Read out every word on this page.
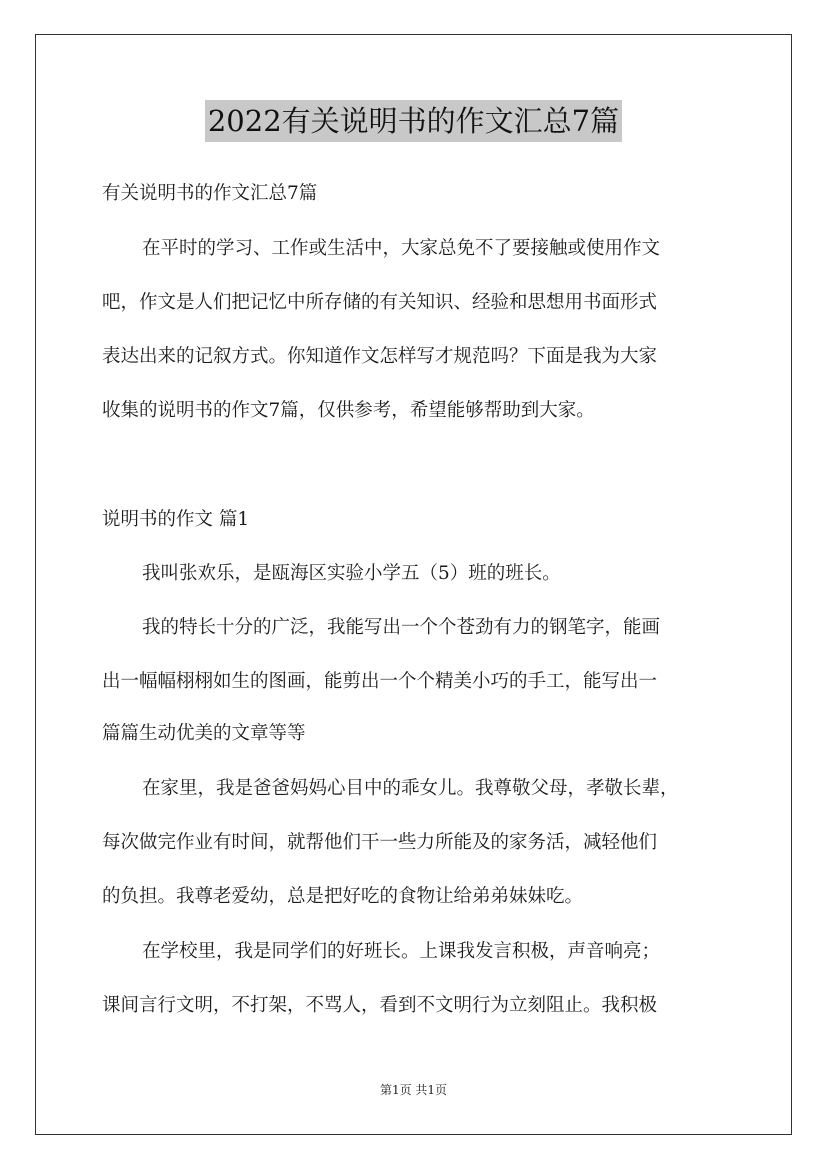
2022有关说明书的作文汇总7篇
有关说明书的作文汇总7篇
在平时的学习、工作或生活中，大家总免不了要接触或使用作文
吧，作文是人们把记忆中所存储的有关知识、经验和思想用书面形式
表达出来的记叙方式。你知道作文怎样写才规范吗？下面是我为大家
收集的说明书的作文7篇，仅供参考，希望能够帮助到大家。
说明书的作文 篇1
我叫张欢乐，是瓯海区实验小学五（5）班的班长。
我的特长十分的广泛，我能写出一个个苍劲有力的钢笔字，能画
出一幅幅栩栩如生的图画，能剪出一个个精美小巧的手工，能写出一
篇篇生动优美的文章等等
在家里，我是爸爸妈妈心目中的乖女儿。我尊敬父母，孝敬长辈，
每次做完作业有时间，就帮他们干一些力所能及的家务活，减轻他们
的负担。我尊老爱幼，总是把好吃的食物让给弟弟妹妹吃。
在学校里，我是同学们的好班长。上课我发言积极，声音响亮；
课间言行文明，不打架，不骂人，看到不文明行为立刻阻止。我积极
第1页 共1页
